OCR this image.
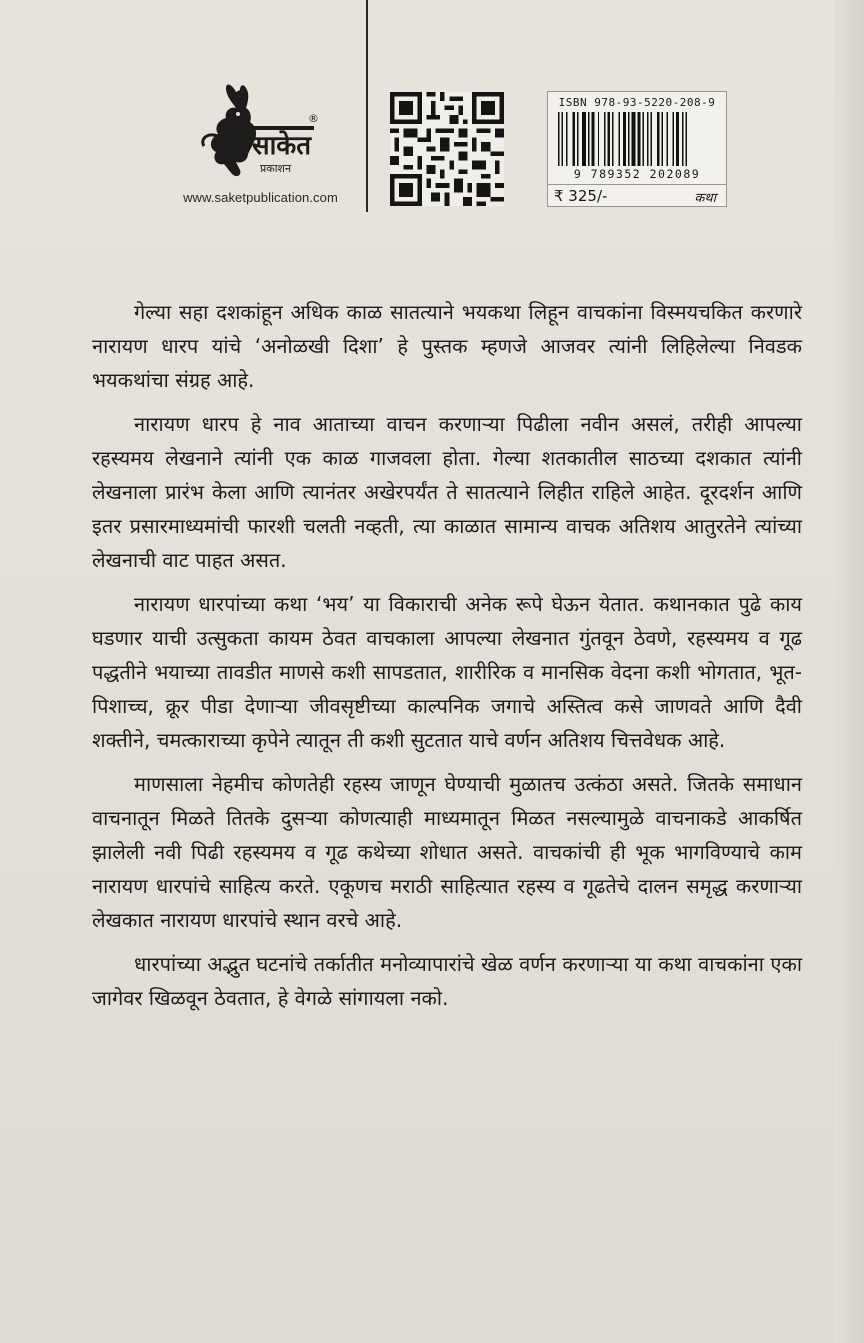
साकेत
प्रकाशन
®
www.saketpublication.com
ISBN 978-93-5220-208-9
9 789352 202089
₹ 325/-	कथा

गेल्या सहा दशकांहून अधिक काळ सातत्याने भयकथा लिहून वाचकांना विस्मयचकित करणारे नारायण धारप यांचे ‘अनोळखी दिशा’ हे पुस्तक म्हणजे आजवर त्यांनी लिहिलेल्या निवडक भयकथांचा संग्रह आहे.

नारायण धारप हे नाव आताच्या वाचन करणाऱ्या पिढीला नवीन असलं, तरीही आपल्या रहस्यमय लेखनाने त्यांनी एक काळ गाजवला होता. गेल्या शतकातील साठच्या दशकात त्यांनी लेखनाला प्रारंभ केला आणि त्यानंतर अखेरपर्यंत ते सातत्याने लिहीत राहिले आहेत. दूरदर्शन आणि इतर प्रसारमाध्यमांची फारशी चलती नव्हती, त्या काळात सामान्य वाचक अतिशय आतुरतेने त्यांच्या लेखनाची वाट पाहत असत.

नारायण धारपांच्या कथा ‘भय’ या विकाराची अनेक रूपे घेऊन येतात. कथानकात पुढे काय घडणार याची उत्सुकता कायम ठेवत वाचकाला आपल्या लेखनात गुंतवून ठेवणे, रहस्यमय व गूढ पद्धतीने भयाच्या तावडीत माणसे कशी सापडतात, शारीरिक व मानसिक वेदना कशी भोगतात, भूत-पिशाच्च, क्रूर पीडा देणाऱ्या जीवसृष्टीच्या काल्पनिक जगाचे अस्तित्व कसे जाणवते आणि दैवी शक्तीने, चमत्काराच्या कृपेने त्यातून ती कशी सुटतात याचे वर्णन अतिशय चित्तवेधक आहे.

माणसाला नेहमीच कोणतेही रहस्य जाणून घेण्याची मुळातच उत्कंठा असते. जितके समाधान वाचनातून मिळते तितके दुसऱ्या कोणत्याही माध्यमातून मिळत नसल्यामुळे वाचनाकडे आकर्षित झालेली नवी पिढी रहस्यमय व गूढ कथेच्या शोधात असते. वाचकांची ही भूक भागविण्याचे काम नारायण धारपांचे साहित्य करते. एकूणच मराठी साहित्यात रहस्य व गूढतेचे दालन समृद्ध करणाऱ्या लेखकात नारायण धारपांचे स्थान वरचे आहे.

धारपांच्या अद्भुत घटनांचे तर्कातीत मनोव्यापारांचे खेळ वर्णन करणाऱ्या या कथा वाचकांना एका जागेवर खिळवून ठेवतात, हे वेगळे सांगायला नको.
